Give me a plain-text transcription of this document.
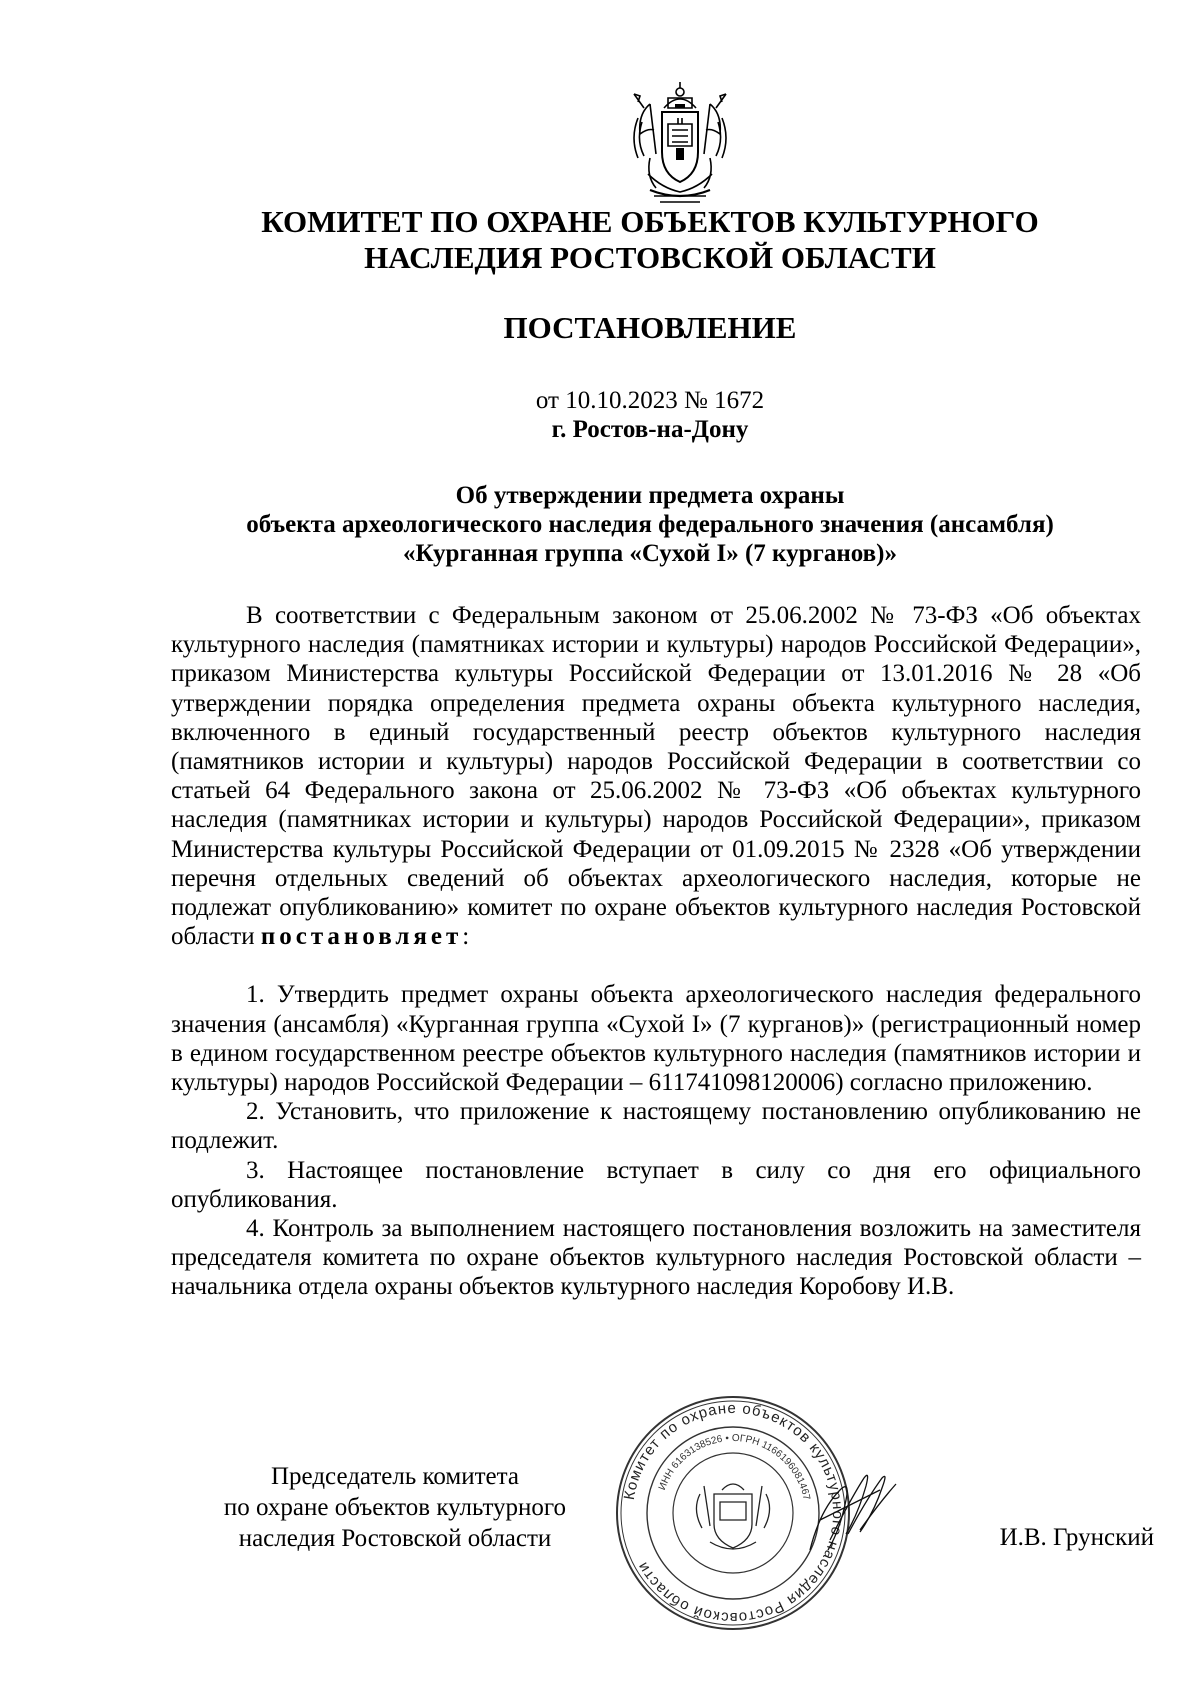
КОМИТЕТ ПО ОХРАНЕ ОБЪЕКТОВ КУЛЬТУРНОГО
НАСЛЕДИЯ РОСТОВСКОЙ ОБЛАСТИ
ПОСТАНОВЛЕНИЕ
от 10.10.2023 № 1672
г. Ростов-на-Дону
Об утверждении предмета охраны
объекта археологического наследия федерального значения (ансамбля)
«Курганная группа «Сухой I» (7 курганов)»

В соответствии с Федеральным законом от 25.06.2002 № 73-ФЗ «Об объектах культурного наследия (памятниках истории и культуры) народов Российской Федерации», приказом Министерства культуры Российской Федерации от 13.01.2016 № 28 «Об утверждении порядка определения предмета охраны объекта культурного наследия, включенного в единый государственный реестр объектов культурного наследия (памятников истории и культуры) народов Российской Федерации в соответствии со статьей 64 Федерального закона от 25.06.2002 № 73-ФЗ «Об объектах культурного наследия (памятниках истории и культуры) народов Российской Федерации», приказом Министерства культуры Российской Федерации от 01.09.2015 № 2328 «Об утверждении перечня отдельных сведений об объектах археологического наследия, которые не подлежат опубликованию» комитет по охране объектов культурного наследия Ростовской области постановляет:

1. Утвердить предмет охраны объекта археологического наследия федерального значения (ансамбля) «Курганная группа «Сухой I» (7 курганов)» (регистрационный номер в едином государственном реестре объектов культурного наследия (памятников истории и культуры) народов Российской Федерации – 611741098120006) согласно приложению.

2. Установить, что приложение к настоящему постановлению опубликованию не подлежит.

3. Настоящее постановление вступает в силу со дня его официального опубликования.

4. Контроль за выполнением настоящего постановления возложить на заместителя председателя комитета по охране объектов культурного наследия Ростовской области – начальника отдела охраны объектов культурного наследия Коробову И.В.

Председатель комитета
по охране объектов культурного
наследия Ростовской области
Комитет по охране объектов культурного наследия Ростовской области
ИНН 6163138526 • ОГРН 1166196081467
И.В. Грунский
